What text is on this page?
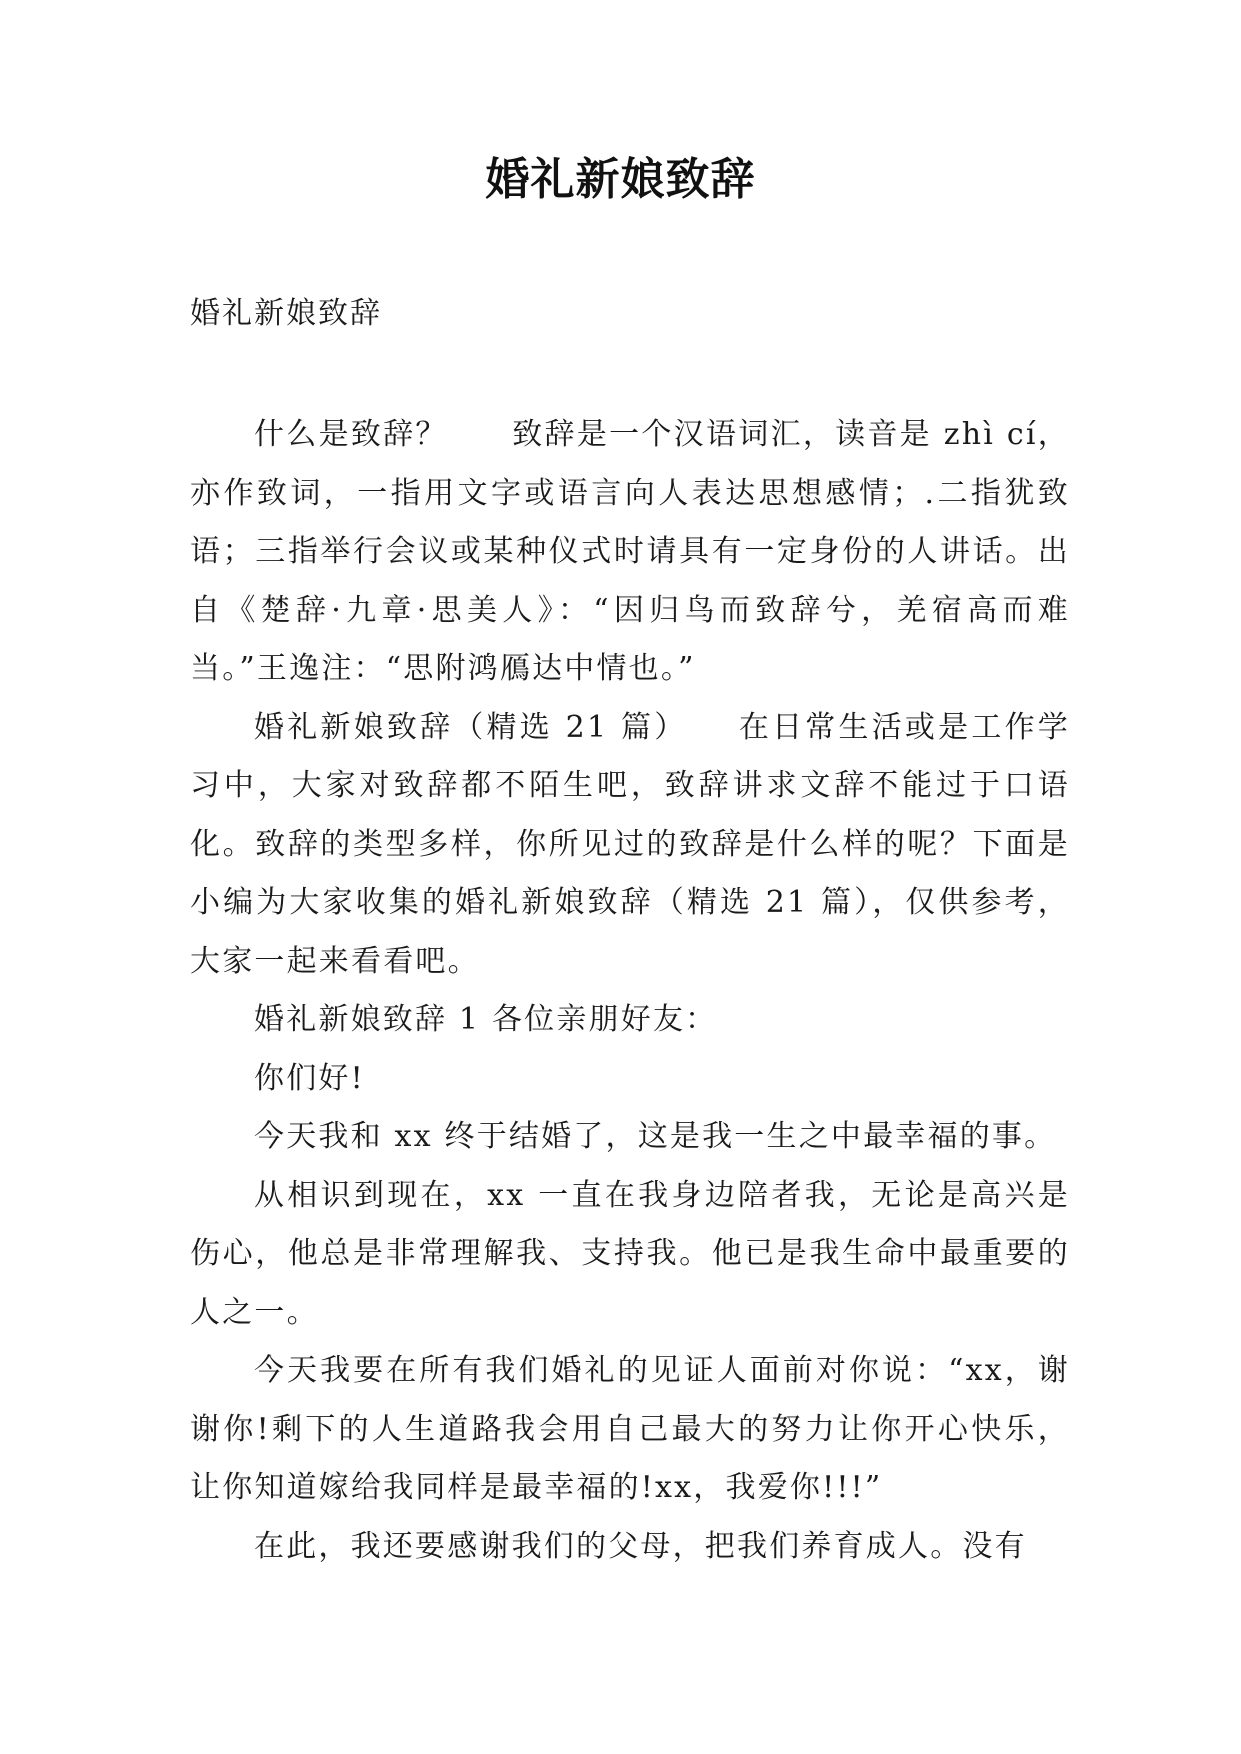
婚礼新娘致辞

婚礼新娘致辞

什么是致辞？　　致辞是一个汉语词汇，读音是 zhì cí，亦作致词，一指用文字或语言向人表达思想感情；.二指犹致语；三指举行会议或某种仪式时请具有一定身份的人讲话。出自《楚辞·九章·思美人》：“因归鸟而致辞兮，羌宿高而难当。”王逸注：“思附鸿鴈达中情也。”

婚礼新娘致辞（精选 21 篇）　　在日常生活或是工作学习中，大家对致辞都不陌生吧，致辞讲求文辞不能过于口语化。致辞的类型多样，你所见过的致辞是什么样的呢？下面是小编为大家收集的婚礼新娘致辞（精选 21 篇），仅供参考，大家一起来看看吧。

婚礼新娘致辞 1 各位亲朋好友：

你们好!

今天我和 xx 终于结婚了，这是我一生之中最幸福的事。

从相识到现在，xx 一直在我身边陪者我，无论是高兴是伤心，他总是非常理解我、支持我。他已是我生命中最重要的人之一。

今天我要在所有我们婚礼的见证人面前对你说：“xx，谢谢你!剩下的人生道路我会用自己最大的努力让你开心快乐，让你知道嫁给我同样是最幸福的!xx，我爱你!!!”

在此，我还要感谢我们的父母，把我们养育成人。没有
